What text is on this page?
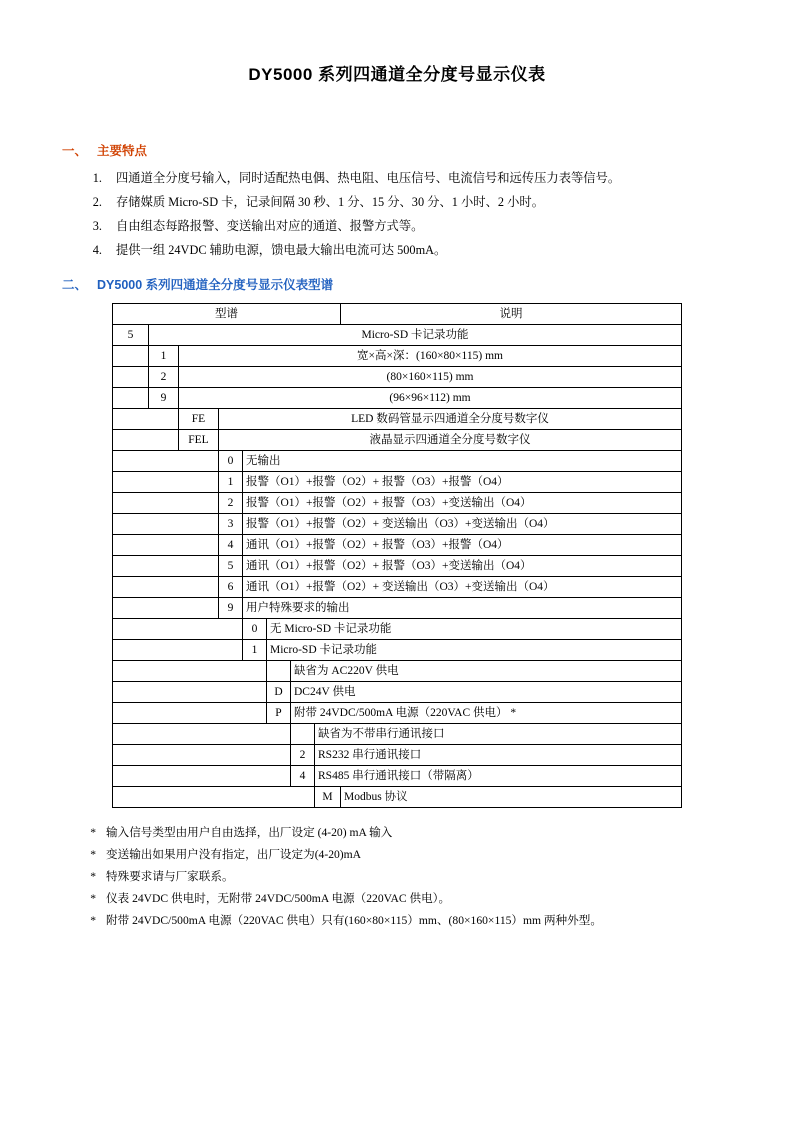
DY5000 系列四通道全分度号显示仪表
一、 主要特点
1.	四通道全分度号输入，同时适配热电偶、热电阻、电压信号、电流信号和远传压力表等信号。
2.	存储媒质 Micro-SD 卡，记录间隔 30 秒、1 分、15 分、30 分、1 小时、2 小时。
3.	自由组态每路报警、变送输出对应的通道、报警方式等。
4.	提供一组 24VDC 辅助电源，馈电最大输出电流可达 500mA。
二、 DY5000 系列四通道全分度号显示仪表型谱
型谱								说明
5	Micro-SD 卡记录功能							
	1	宽×高×深：(160×80×115) mm						
	2	(80×160×115) mm						
	9	(96×96×112) mm						
		FE	LED 数码管显示四通道全分度号数字仪					
		FEL	液晶显示四通道全分度号数字仪					
			0	无输出				
			1	报警（O1）+报警（O2）+ 报警（O3）+报警（O4）				
			2	报警（O1）+报警（O2）+ 报警（O3）+变送输出（O4）				
			3	报警（O1）+报警（O2）+ 变送输出（O3）+变送输出（O4）				
			4	通讯（O1）+报警（O2）+ 报警（O3）+报警（O4）				
			5	通讯（O1）+报警（O2）+ 报警（O3）+变送输出（O4）				
			6	通讯（O1）+报警（O2）+ 变送输出（O3）+变送输出（O4）				
			9	用户特殊要求的输出				
				0	无 Micro-SD 卡记录功能			
				1	Micro-SD 卡记录功能			
						缺省为 AC220V 供电		
					D	DC24V 供电		
					P	附带 24VDC/500mA 电源（220VAC 供电） *		
							缺省为不带串行通讯接口	
						2	RS232 串行通讯接口	
						4	RS485 串行通讯接口（带隔离）	
							M	Modbus 协议
* 输入信号类型由用户自由选择，出厂设定 (4-20) mA 输入
* 变送输出如果用户没有指定，出厂设定为(4-20)mA
* 特殊要求请与厂家联系。
* 仪表 24VDC 供电时，无附带 24VDC/500mA 电源（220VAC 供电）。
* 附带 24VDC/500mA 电源（220VAC 供电）只有(160×80×115）mm、(80×160×115）mm 两种外型。
